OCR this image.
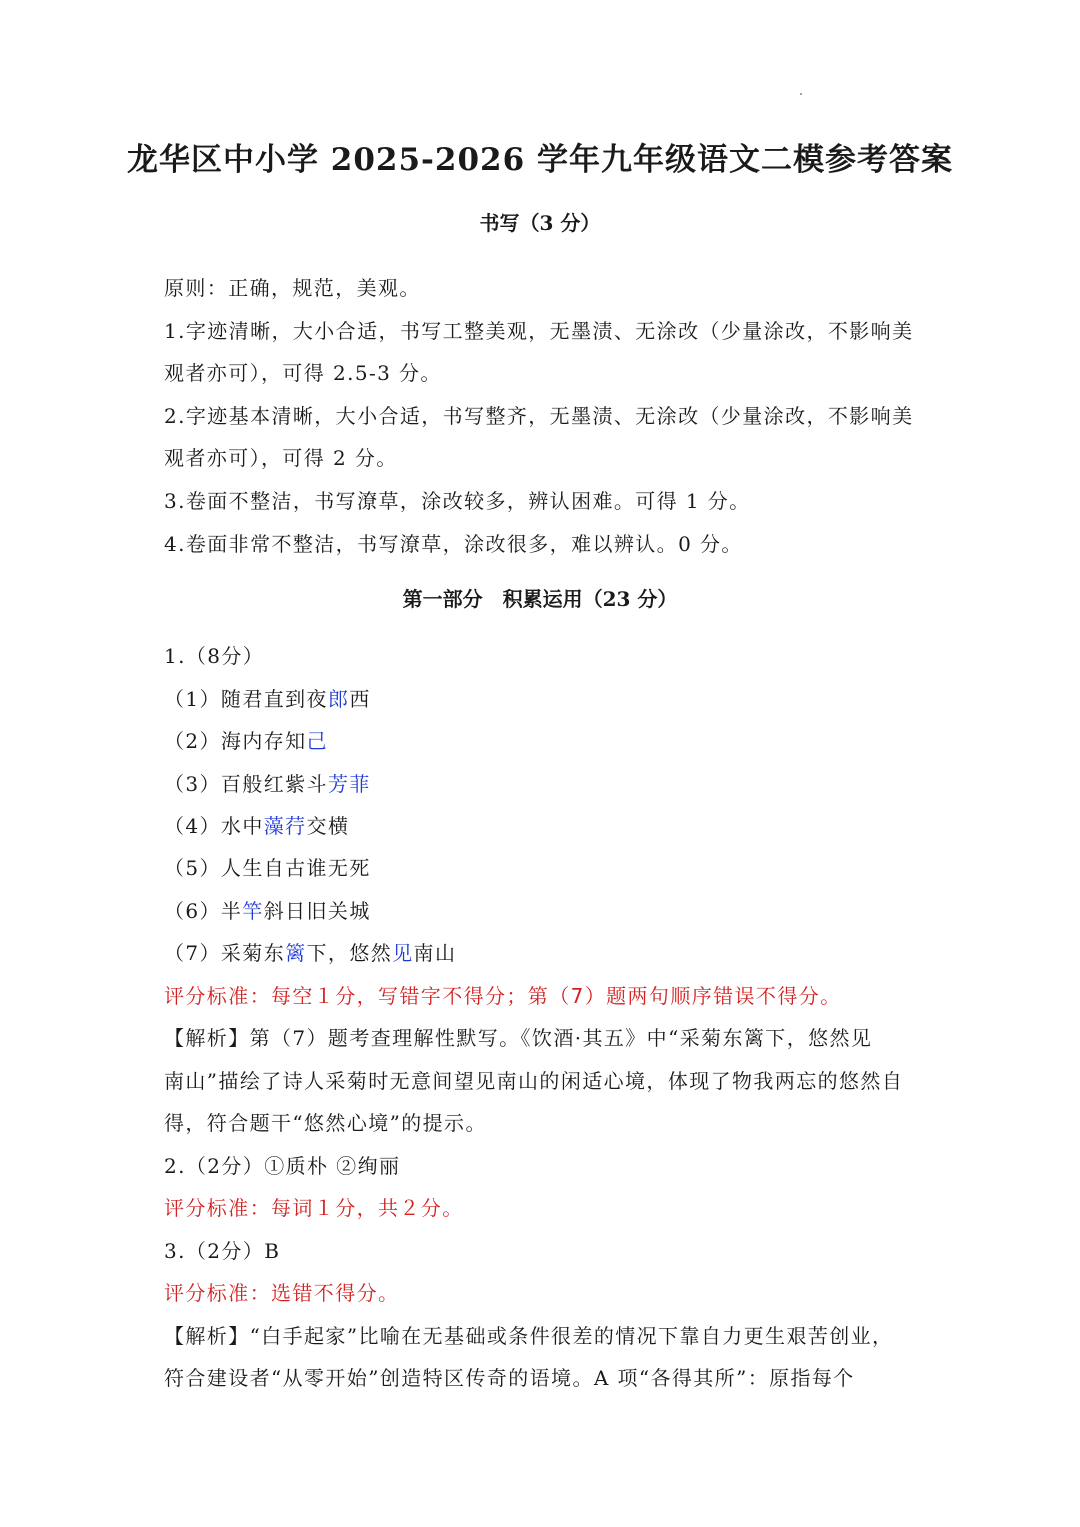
龙华区中小学 2025-2026 学年九年级语文二模参考答案
书写（3 分）
原则：正确，规范，美观。
1.字迹清晰，大小合适，书写工整美观，无墨渍、无涂改（少量涂改，不影响美
观者亦可），可得 2.5-3 分。
2.字迹基本清晰，大小合适，书写整齐，无墨渍、无涂改（少量涂改，不影响美
观者亦可），可得 2 分。
3.卷面不整洁，书写潦草，涂改较多，辨认困难。可得 1 分。
4.卷面非常不整洁，书写潦草，涂改很多，难以辨认。0 分。
第一部分　积累运用（23 分）
1.（8分）
（1）随君直到夜郎西
（2）海内存知己
（3）百般红紫斗芳菲
（4）水中藻荇交横
（5）人生自古谁无死
（6）半竿斜日旧关城
（7）采菊东篱下，悠然见南山
评分标准：每空１分，写错字不得分；第（7）题两句顺序错误不得分。
【解析】第（7）题考查理解性默写。《饮酒·其五》中“采菊东篱下，悠然见
南山”描绘了诗人采菊时无意间望见南山的闲适心境，体现了物我两忘的悠然自
得，符合题干“悠然心境”的提示。
2.（2分）①质朴 ②绚丽
评分标准：每词１分，共２分。
3.（2分）B
评分标准：选错不得分。
【解析】“白手起家”比喻在无基础或条件很差的情况下靠自力更生艰苦创业，
符合建设者“从零开始”创造特区传奇的语境。A 项“各得其所”：原指每个
